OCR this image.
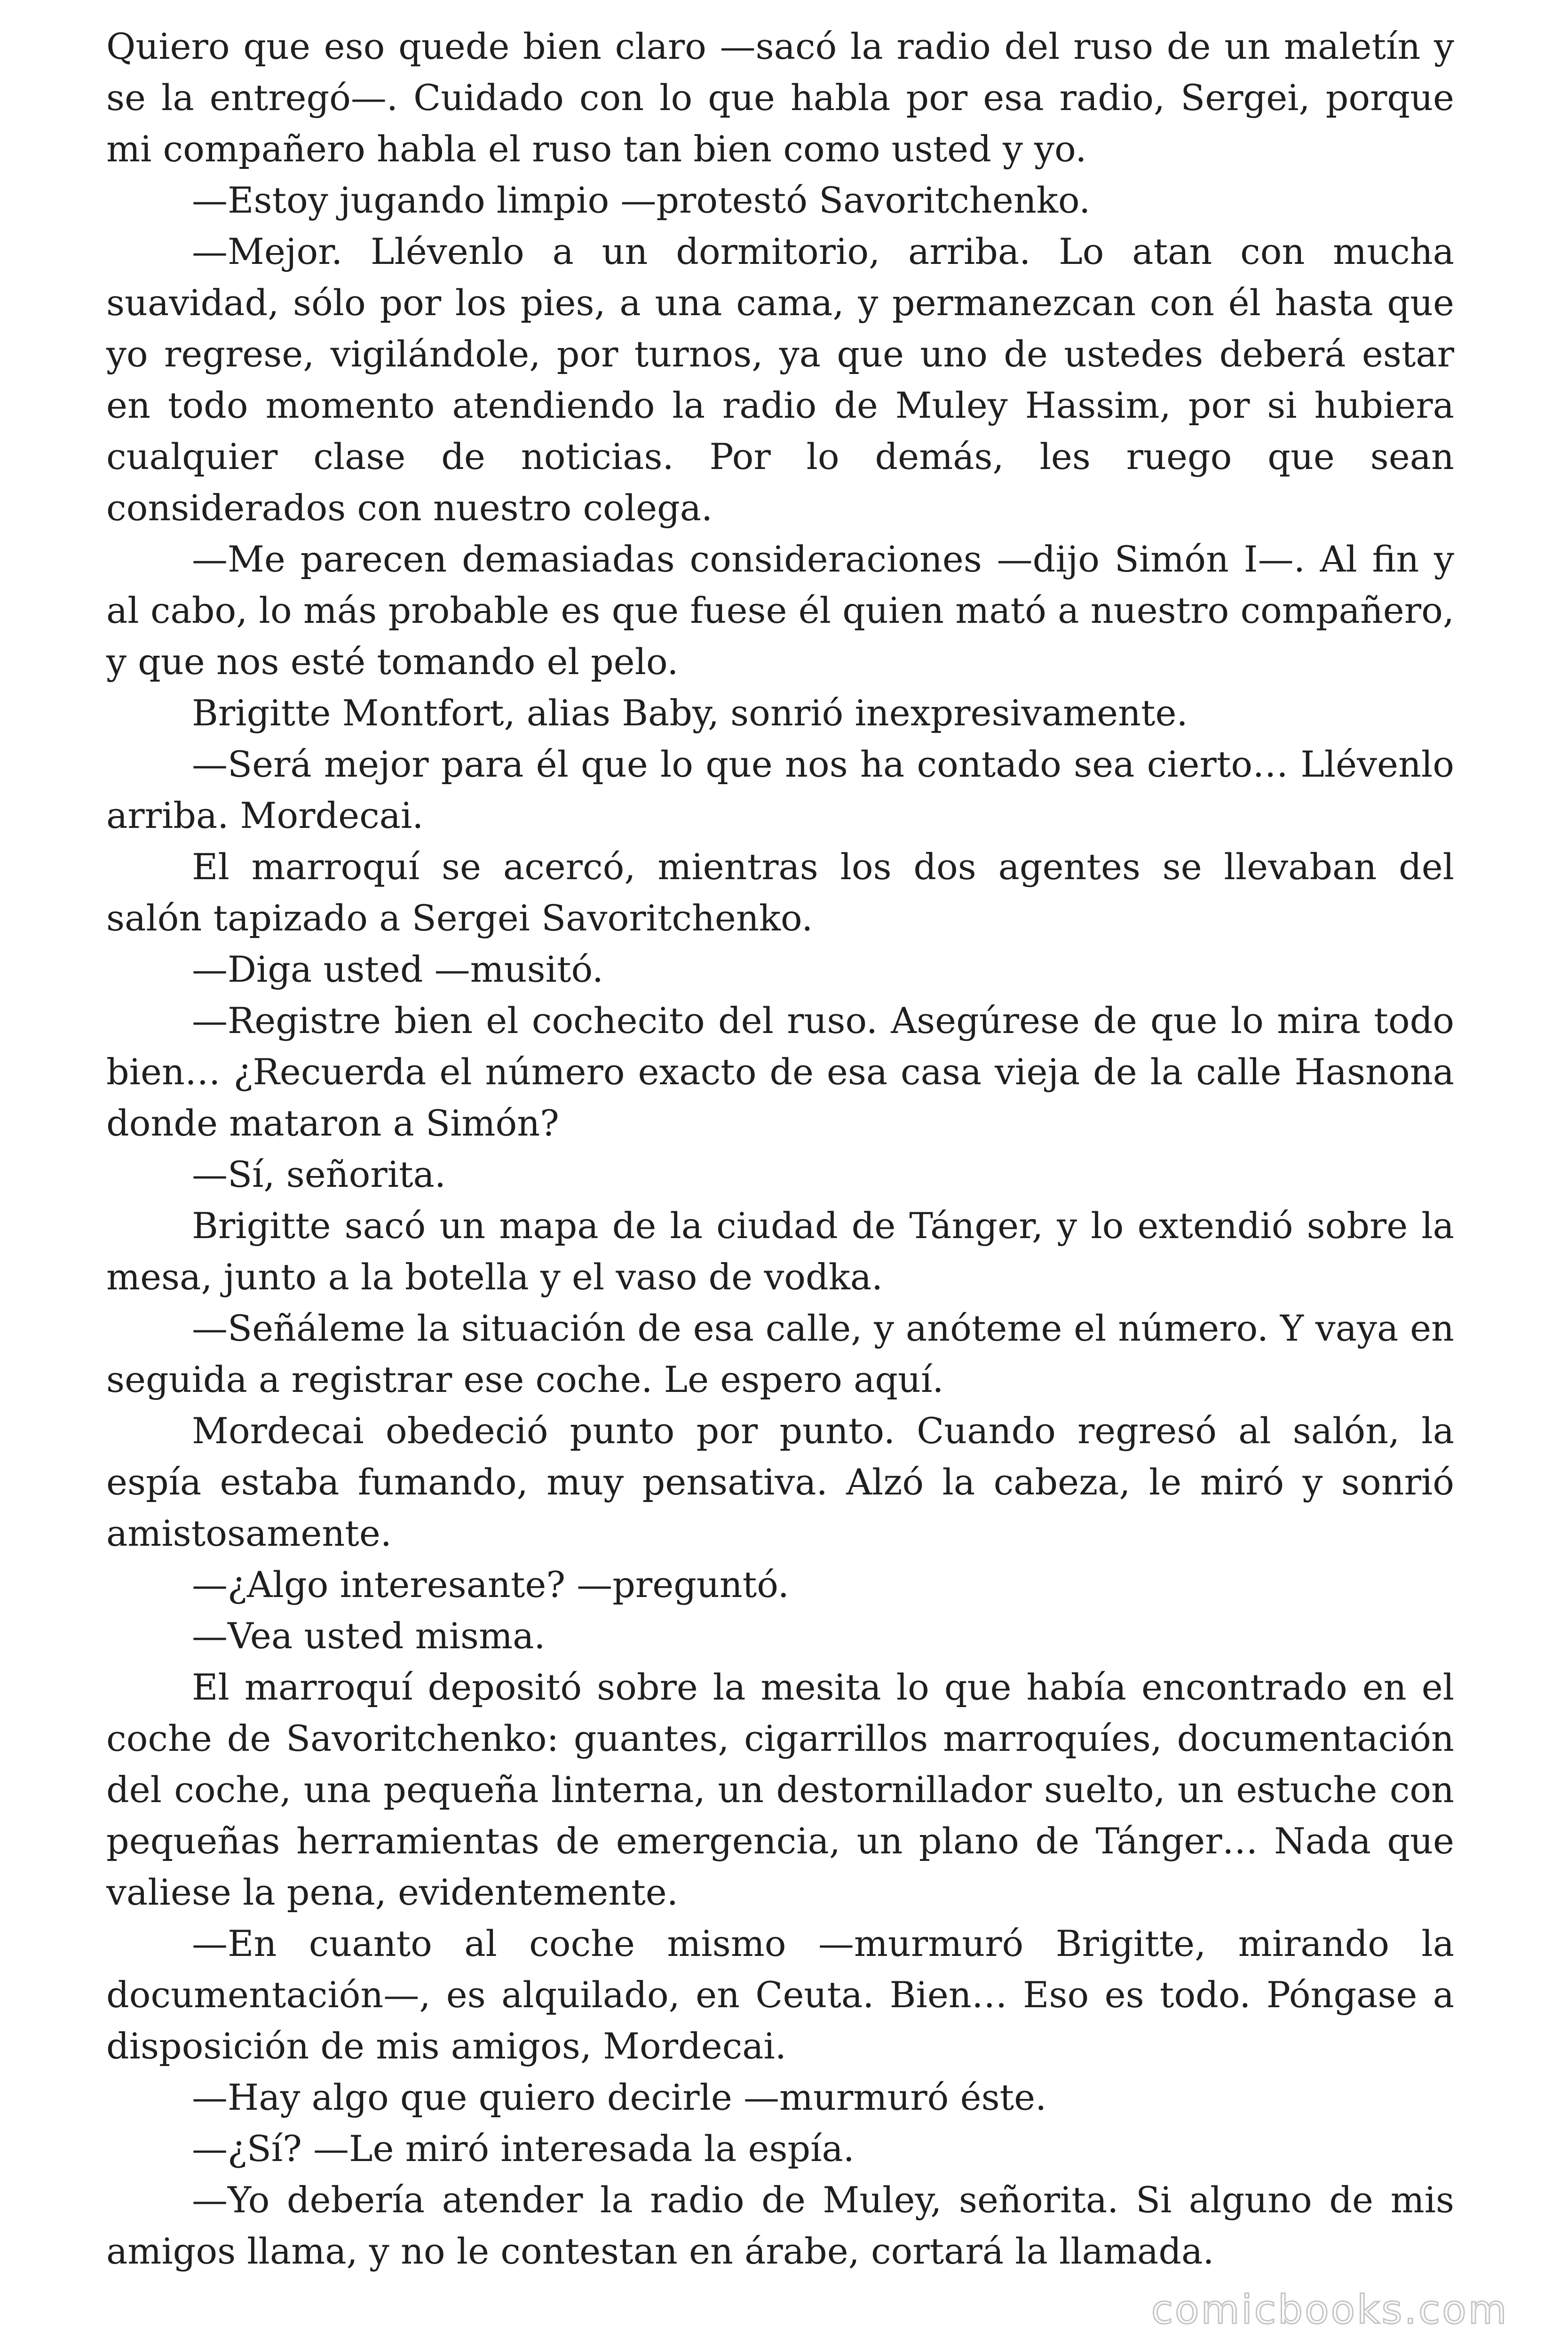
Quiero que eso quede bien claro —sacó la radio del ruso de un maletín y se la entregó—. Cuidado con lo que habla por esa radio, Sergei, porque mi compañero habla el ruso tan bien como usted y yo.

—Estoy jugando limpio —protestó Savoritchenko.

—Mejor. Llévenlo a un dormitorio, arriba. Lo atan con mucha suavidad, sólo por los pies, a una cama, y permanezcan con él hasta que yo regrese, vigilándole, por turnos, ya que uno de ustedes deberá estar en todo momento atendiendo la radio de Muley Hassim, por si hubiera cualquier clase de noticias. Por lo demás, les ruego que sean considerados con nuestro colega.

—Me parecen demasiadas consideraciones —dijo Simón I—. Al fin y al cabo, lo más probable es que fuese él quien mató a nuestro compañero, y que nos esté tomando el pelo.

Brigitte Montfort, alias Baby, sonrió inexpresivamente.

—Será mejor para él que lo que nos ha contado sea cierto… Llévenlo arriba. Mordecai.

El marroquí se acercó, mientras los dos agentes se llevaban del salón tapizado a Sergei Savoritchenko.

—Diga usted —musitó.

—Registre bien el cochecito del ruso. Asegúrese de que lo mira todo bien… ¿Recuerda el número exacto de esa casa vieja de la calle Hasnona donde mataron a Simón?

—Sí, señorita.

Brigitte sacó un mapa de la ciudad de Tánger, y lo extendió sobre la mesa, junto a la botella y el vaso de vodka.

—Señáleme la situación de esa calle, y anóteme el número. Y vaya en seguida a registrar ese coche. Le espero aquí.

Mordecai obedeció punto por punto. Cuando regresó al salón, la espía estaba fumando, muy pensativa. Alzó la cabeza, le miró y sonrió amistosamente.

—¿Algo interesante? —preguntó.

—Vea usted misma.

El marroquí depositó sobre la mesita lo que había encontrado en el coche de Savoritchenko: guantes, cigarrillos marroquíes, documentación del coche, una pequeña linterna, un destornillador suelto, un estuche con pequeñas herramientas de emergencia, un plano de Tánger… Nada que valiese la pena, evidentemente.

—En cuanto al coche mismo —murmuró Brigitte, mirando la documentación—, es alquilado, en Ceuta. Bien… Eso es todo. Póngase a disposición de mis amigos, Mordecai.

—Hay algo que quiero decirle —murmuró éste.

—¿Sí? —Le miró interesada la espía.

—Yo debería atender la radio de Muley, señorita. Si alguno de mis amigos llama, y no le contestan en árabe, cortará la llamada.

comicbooks.com
